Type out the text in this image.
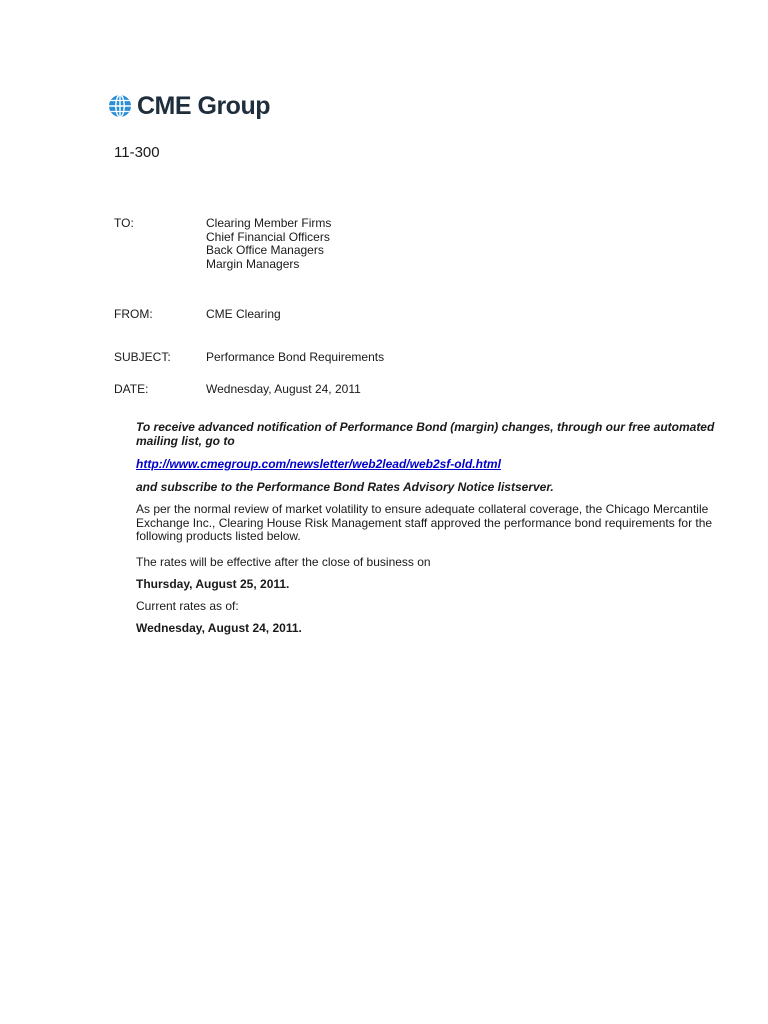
CME Group
11-300
TO:	Clearing Member Firms
Chief Financial Officers
Back Office Managers
Margin Managers
FROM:	CME Clearing
SUBJECT:	Performance Bond Requirements
DATE:	Wednesday, August 24, 2011
To receive advanced notification of Performance Bond (margin) changes, through our free automated mailing list, go to
http://www.cmegroup.com/newsletter/web2lead/web2sf-old.html
and subscribe to the Performance Bond Rates Advisory Notice listserver.
As per the normal review of market volatility to ensure adequate collateral coverage, the Chicago Mercantile Exchange Inc., Clearing House Risk Management staff approved the performance bond requirements for the following products listed below.
The rates will be effective after the close of business on
Thursday, August 25, 2011.
Current rates as of:
Wednesday, August 24, 2011.
